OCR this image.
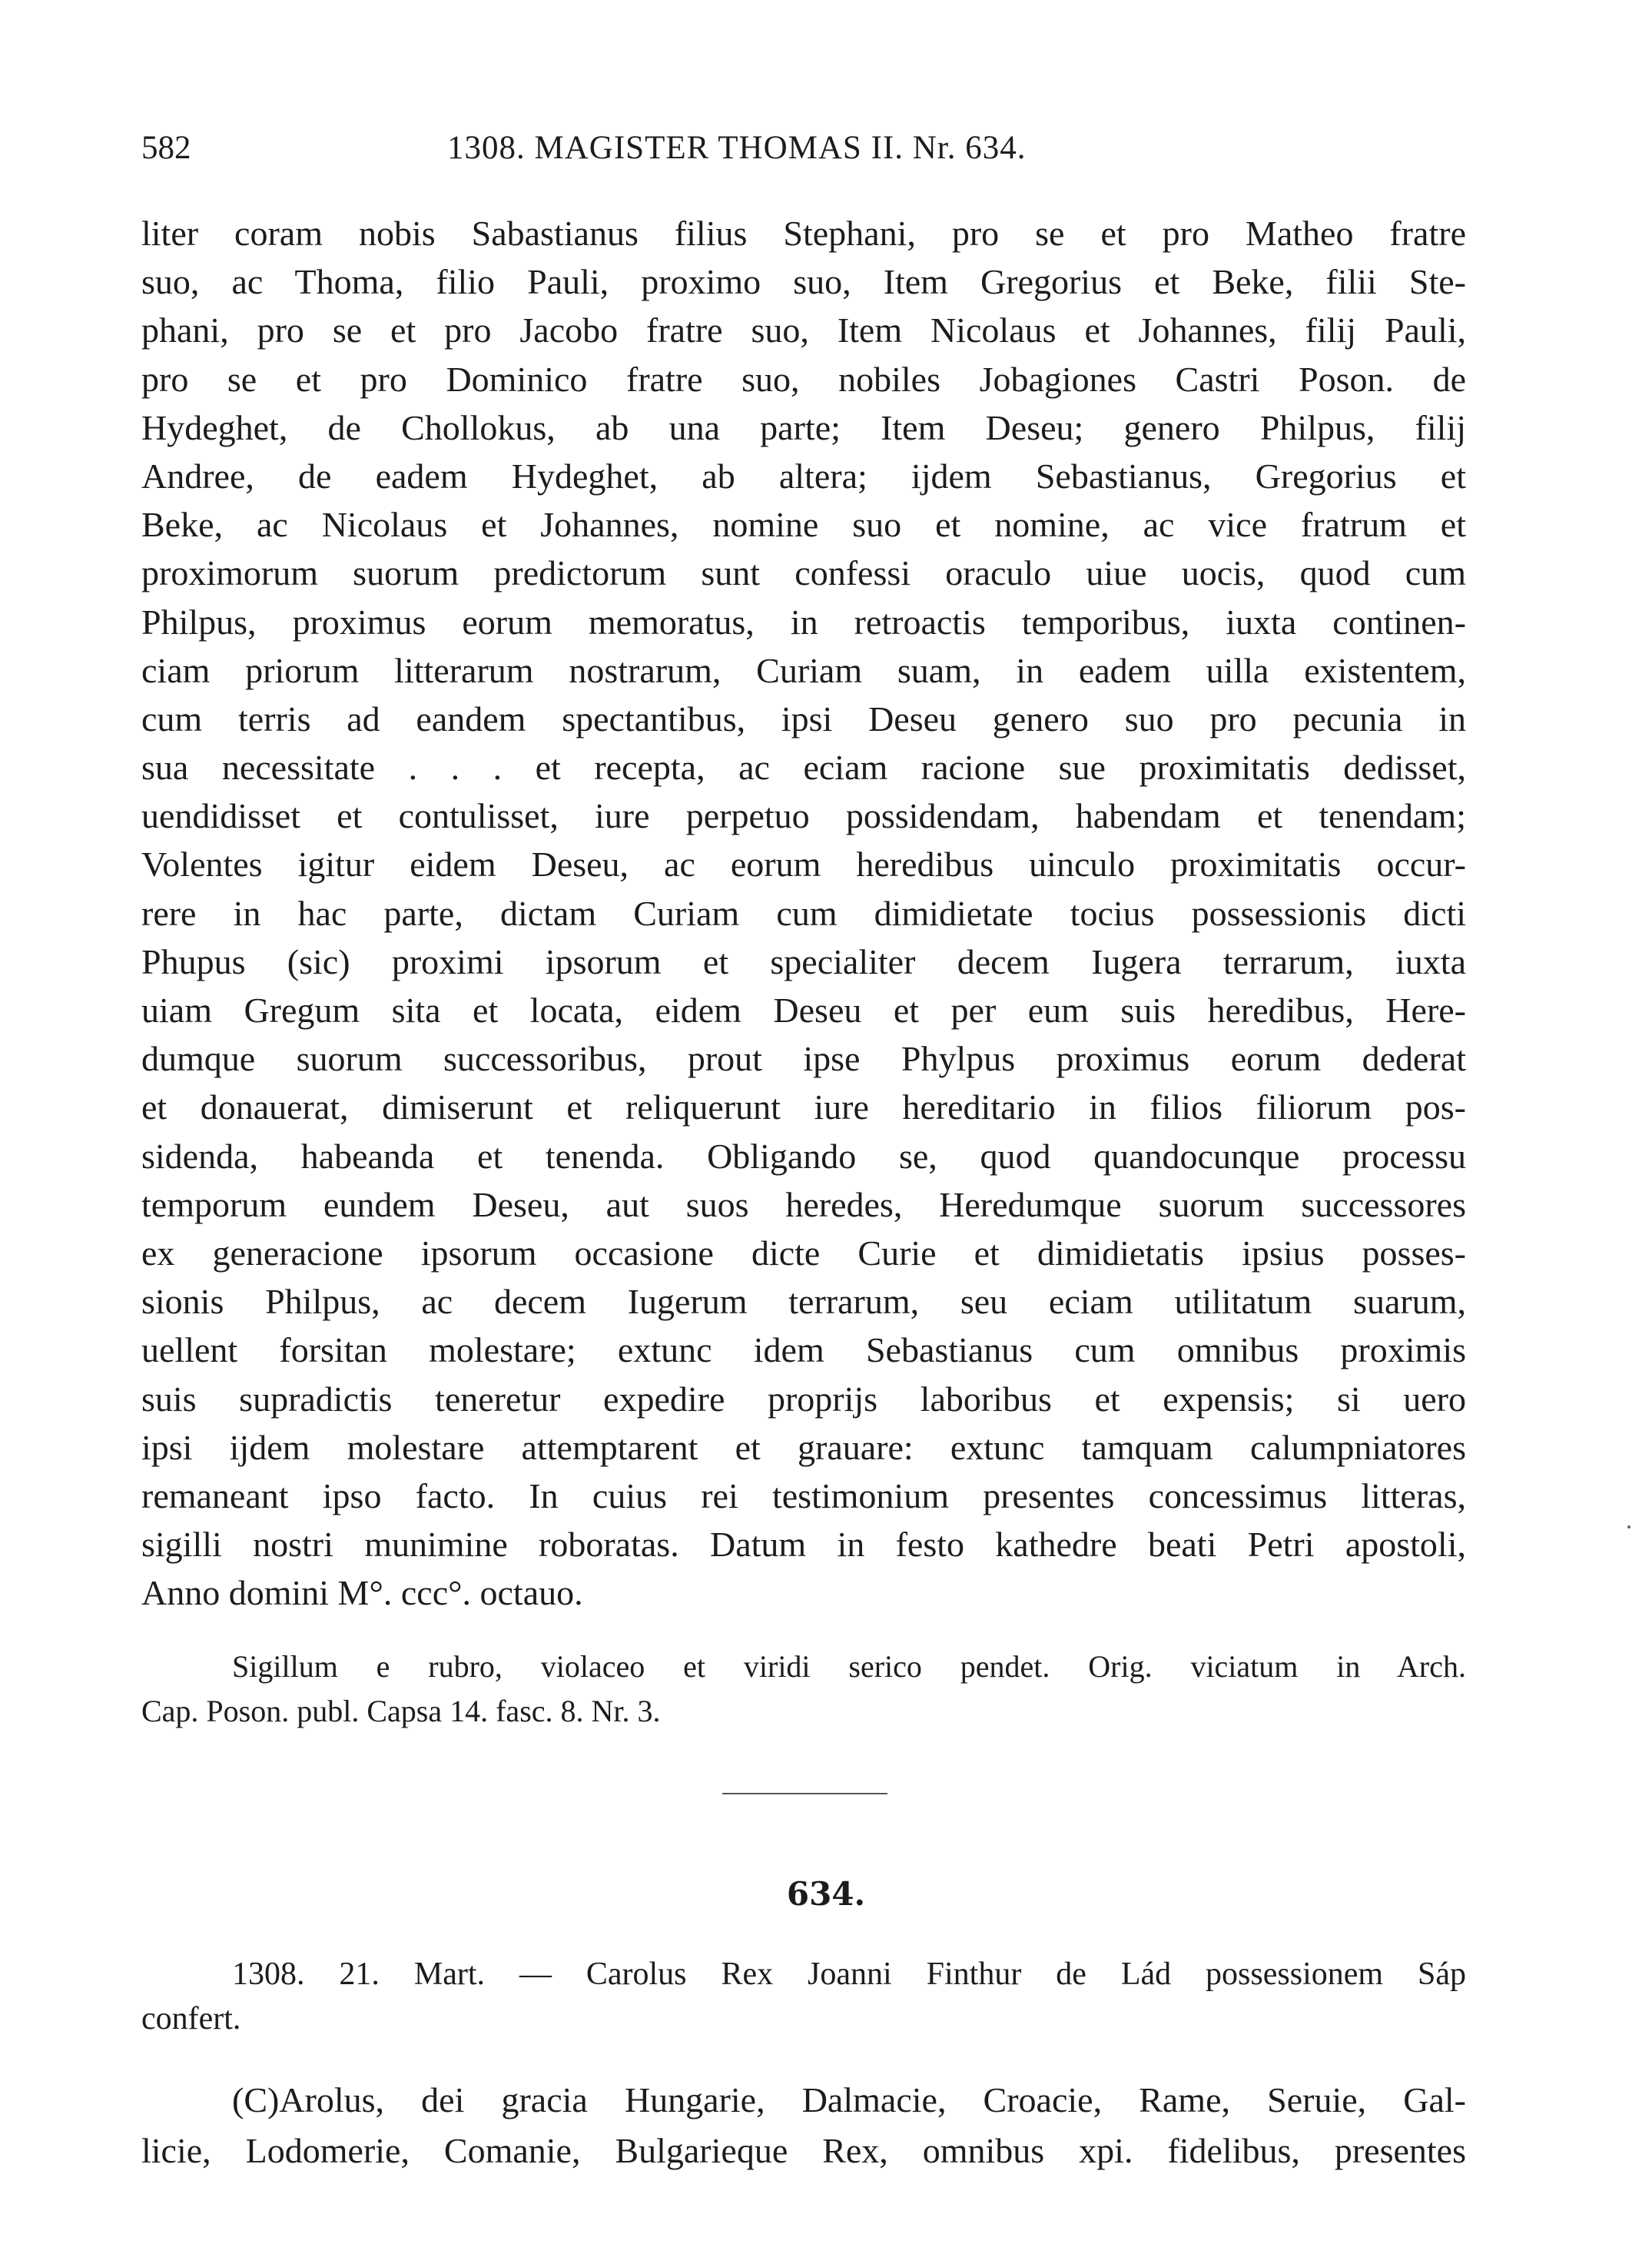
582	1308. MAGISTER THOMAS II. Nr. 634.
liter coram nobis Sabastianus filius Stephani, pro se et pro Matheo fratre
suo, ac Thoma, filio Pauli, proximo suo, Item Gregorius et Beke, filii Ste-
phani, pro se et pro Jacobo fratre suo, Item Nicolaus et Johannes, filij Pauli,
pro se et pro Dominico fratre suo, nobiles Jobagiones Castri Poson. de
Hydeghet, de Chollokus, ab una parte; Item Deseu; genero Philpus, filij
Andree, de eadem Hydeghet, ab altera; ijdem Sebastianus, Gregorius et
Beke, ac Nicolaus et Johannes, nomine suo et nomine, ac vice fratrum et
proximorum suorum predictorum sunt confessi oraculo uiue uocis, quod cum
Philpus, proximus eorum memoratus, in retroactis temporibus, iuxta continen-
ciam priorum litterarum nostrarum, Curiam suam, in eadem uilla existentem,
cum terris ad eandem spectantibus, ipsi Deseu genero suo pro pecunia in
sua necessitate . . . et recepta, ac eciam racione sue proximitatis dedisset,
uendidisset et contulisset, iure perpetuo possidendam, habendam et tenendam;
Volentes igitur eidem Deseu, ac eorum heredibus uinculo proximitatis occur-
rere in hac parte, dictam Curiam cum dimidietate tocius possessionis dicti
Phupus (sic) proximi ipsorum et specialiter decem Iugera terrarum, iuxta
uiam Gregum sita et locata, eidem Deseu et per eum suis heredibus, Here-
dumque suorum successoribus, prout ipse Phylpus proximus eorum dederat
et donauerat, dimiserunt et reliquerunt iure hereditario in filios filiorum pos-
sidenda, habeanda et tenenda. Obligando se, quod quandocunque processu
temporum eundem Deseu, aut suos heredes, Heredumque suorum successores
ex generacione ipsorum occasione dicte Curie et dimidietatis ipsius posses-
sionis Philpus, ac decem Iugerum terrarum, seu eciam utilitatum suarum,
uellent forsitan molestare; extunc idem Sebastianus cum omnibus proximis
suis supradictis teneretur expedire proprijs laboribus et expensis; si uero
ipsi ijdem molestare attemptarent et grauare: extunc tamquam calumpniatores
remaneant ipso facto. In cuius rei testimonium presentes concessimus litteras,
sigilli nostri munimine roboratas. Datum in festo kathedre beati Petri apostoli,
Anno domini M°. ccc°. octauo.
Sigillum e rubro, violaceo et viridi serico pendet. Orig. viciatum in Arch.
Cap. Poson. publ. Capsa 14. fasc. 8. Nr. 3.
634.
1308. 21. Mart. — Carolus Rex Joanni Finthur de Lád possessionem Sáp
confert.
(C)Arolus, dei gracia Hungarie, Dalmacie, Croacie, Rame, Seruie, Gal-
licie, Lodomerie, Comanie, Bulgarieque Rex, omnibus xpi. fidelibus, presentes
